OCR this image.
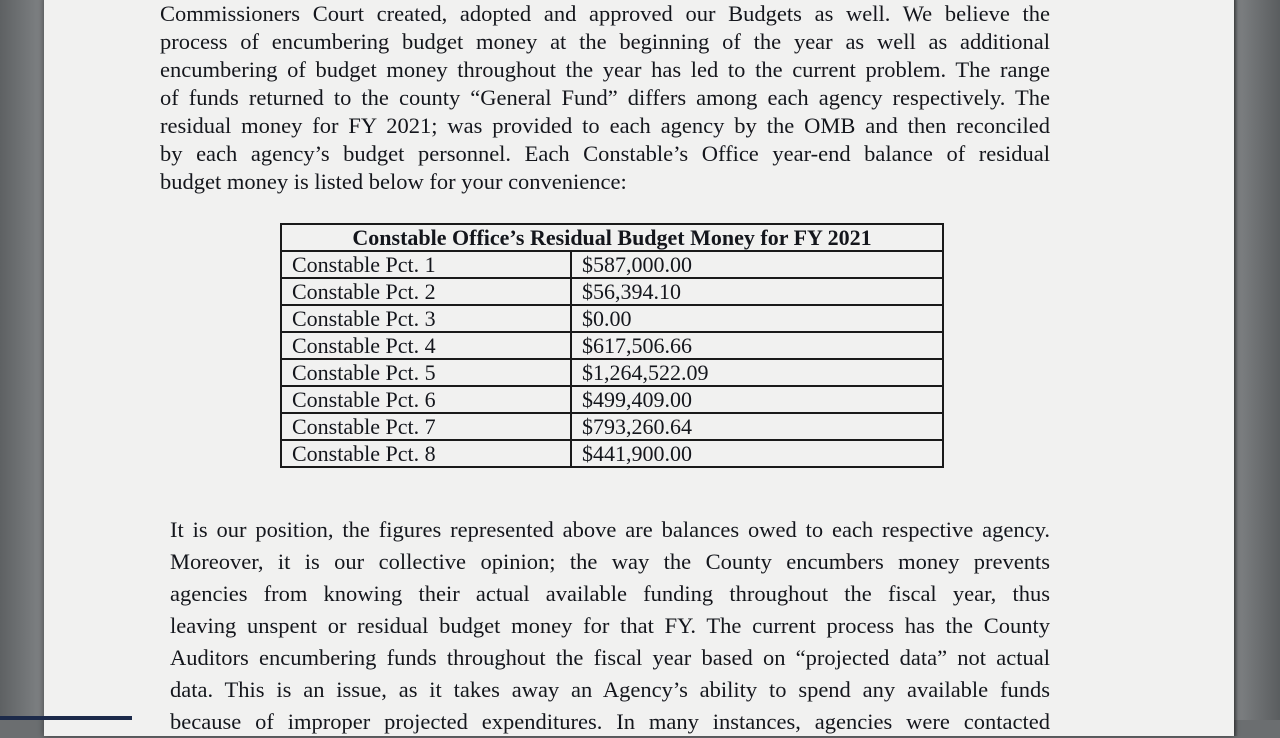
Commissioners Court created, adopted and approved our Budgets as well. We believe the
process of encumbering budget money at the beginning of the year as well as additional
encumbering of budget money throughout the year has led to the current problem. The range
of funds returned to the county “General Fund” differs among each agency respectively. The
residual money for FY 2021; was provided to each agency by the OMB and then reconciled
by each agency’s budget personnel. Each Constable’s Office year-end balance of residual
budget money is listed below for your convenience:
Constable Office’s Residual Budget Money for FY 2021	
Constable Pct. 1	$587,000.00
Constable Pct. 2	$56,394.10
Constable Pct. 3	$0.00
Constable Pct. 4	$617,506.66
Constable Pct. 5	$1,264,522.09
Constable Pct. 6	$499,409.00
Constable Pct. 7	$793,260.64
Constable Pct. 8	$441,900.00
It is our position, the figures represented above are balances owed to each respective agency.
Moreover, it is our collective opinion; the way the County encumbers money prevents
agencies from knowing their actual available funding throughout the fiscal year, thus
leaving unspent or residual budget money for that FY. The current process has the County
Auditors encumbering funds throughout the fiscal year based on “projected data” not actual
data. This is an issue, as it takes away an Agency’s ability to spend any available funds
because of improper projected expenditures. In many instances, agencies were contacted
